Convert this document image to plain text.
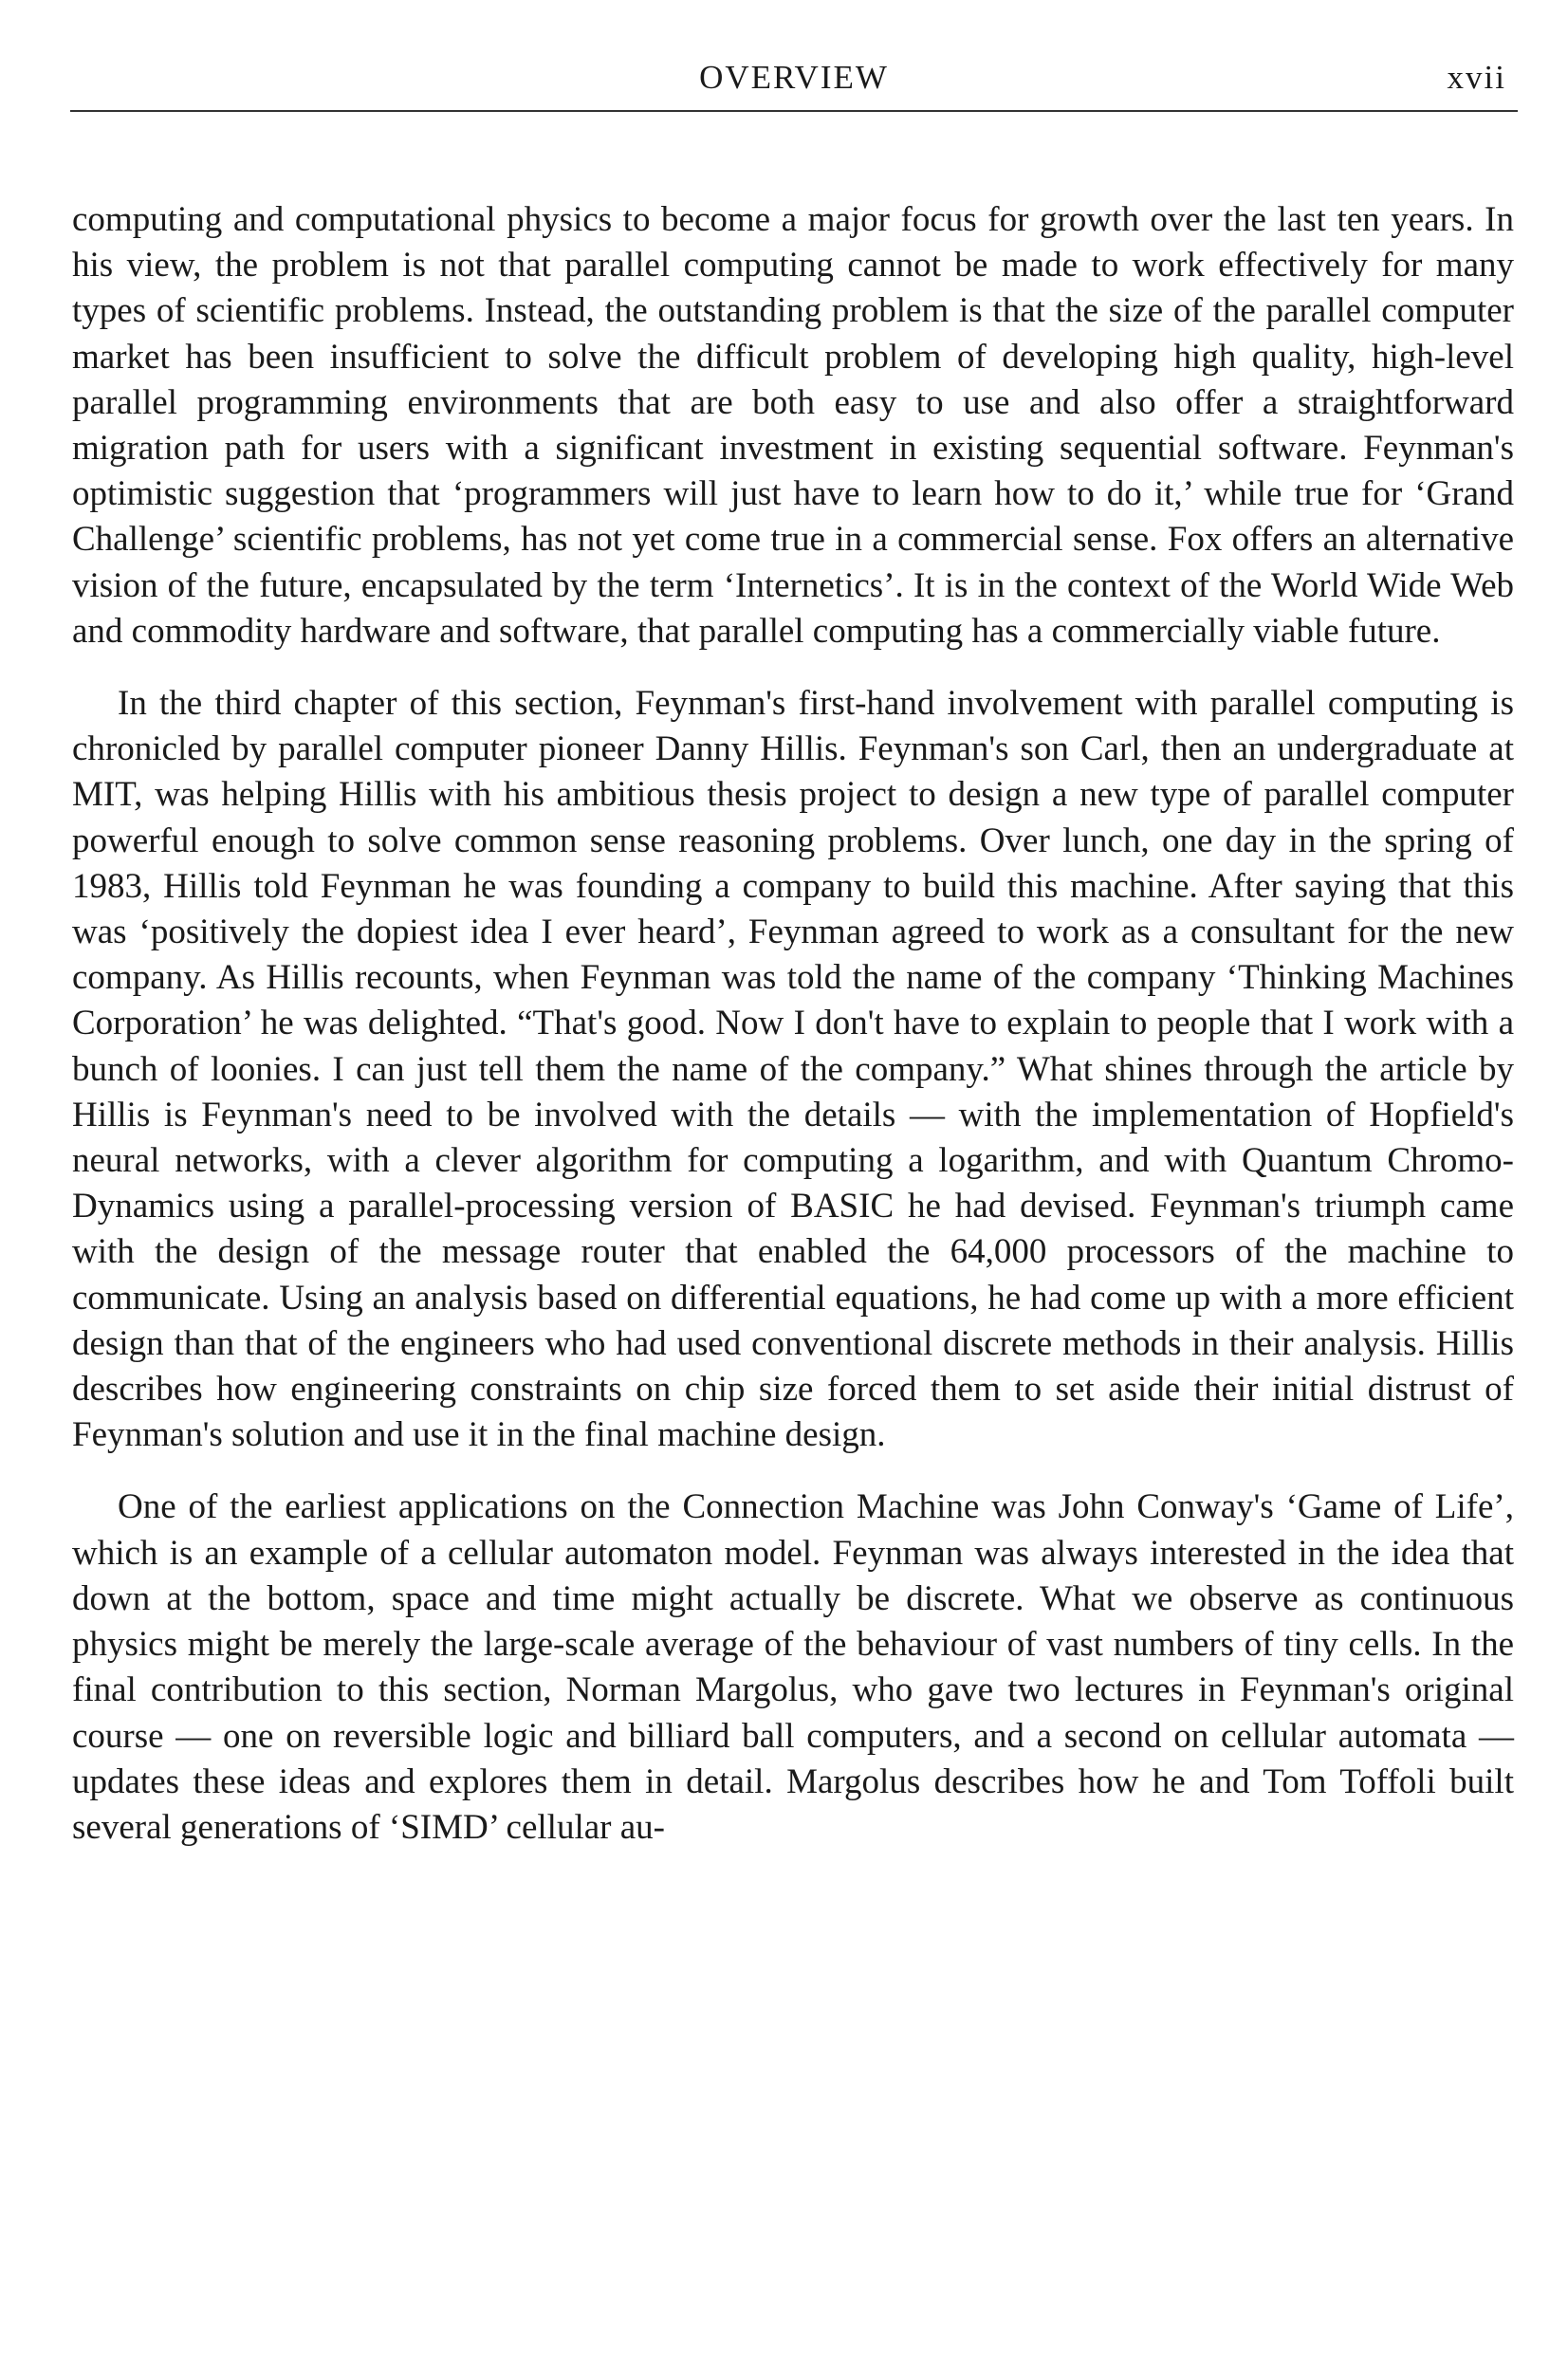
OVERVIEW	xvii

computing and computational physics to become a major focus for growth over the last ten years. In his view, the problem is not that parallel computing cannot be made to work effectively for many types of scientific problems. Instead, the outstanding problem is that the size of the parallel computer market has been insufficient to solve the difficult problem of developing high quality, high-level parallel programming environments that are both easy to use and also offer a straightforward migration path for users with a significant investment in existing sequential software. Feynman's optimistic suggestion that ‘programmers will just have to learn how to do it,’ while true for ‘Grand Challenge’ scientific problems, has not yet come true in a commercial sense. Fox offers an alternative vision of the future, encapsulated by the term ‘Internetics’. It is in the context of the World Wide Web and commodity hardware and software, that parallel computing has a commercially viable future.

In the third chapter of this section, Feynman's first-hand involvement with parallel computing is chronicled by parallel computer pioneer Danny Hillis. Feynman's son Carl, then an undergraduate at MIT, was helping Hillis with his ambitious thesis project to design a new type of parallel computer powerful enough to solve common sense reasoning problems. Over lunch, one day in the spring of 1983, Hillis told Feynman he was founding a company to build this machine. After saying that this was ‘positively the dopiest idea I ever heard’, Feynman agreed to work as a consultant for the new company. As Hillis recounts, when Feynman was told the name of the company ‘Thinking Machines Corporation’ he was delighted. “That's good. Now I don't have to explain to people that I work with a bunch of loonies. I can just tell them the name of the company.” What shines through the article by Hillis is Feynman's need to be involved with the details — with the implementation of Hopfield's neural networks, with a clever algorithm for computing a logarithm, and with Quantum Chromo-Dynamics using a parallel-processing version of BASIC he had devised. Feynman's triumph came with the design of the message router that enabled the 64,000 processors of the machine to communicate. Using an analysis based on differential equations, he had come up with a more efficient design than that of the engineers who had used conventional discrete methods in their analysis. Hillis describes how engineering constraints on chip size forced them to set aside their initial distrust of Feynman's solution and use it in the final machine design.

One of the earliest applications on the Connection Machine was John Conway's ‘Game of Life’, which is an example of a cellular automaton model. Feynman was always interested in the idea that down at the bottom, space and time might actually be discrete. What we observe as continuous physics might be merely the large-scale average of the behaviour of vast numbers of tiny cells. In the final contribution to this section, Norman Margolus, who gave two lectures in Feynman's original course — one on reversible logic and billiard ball computers, and a second on cellular automata — updates these ideas and explores them in detail. Margolus describes how he and Tom Toffoli built several generations of ‘SIMD’ cellular au-
